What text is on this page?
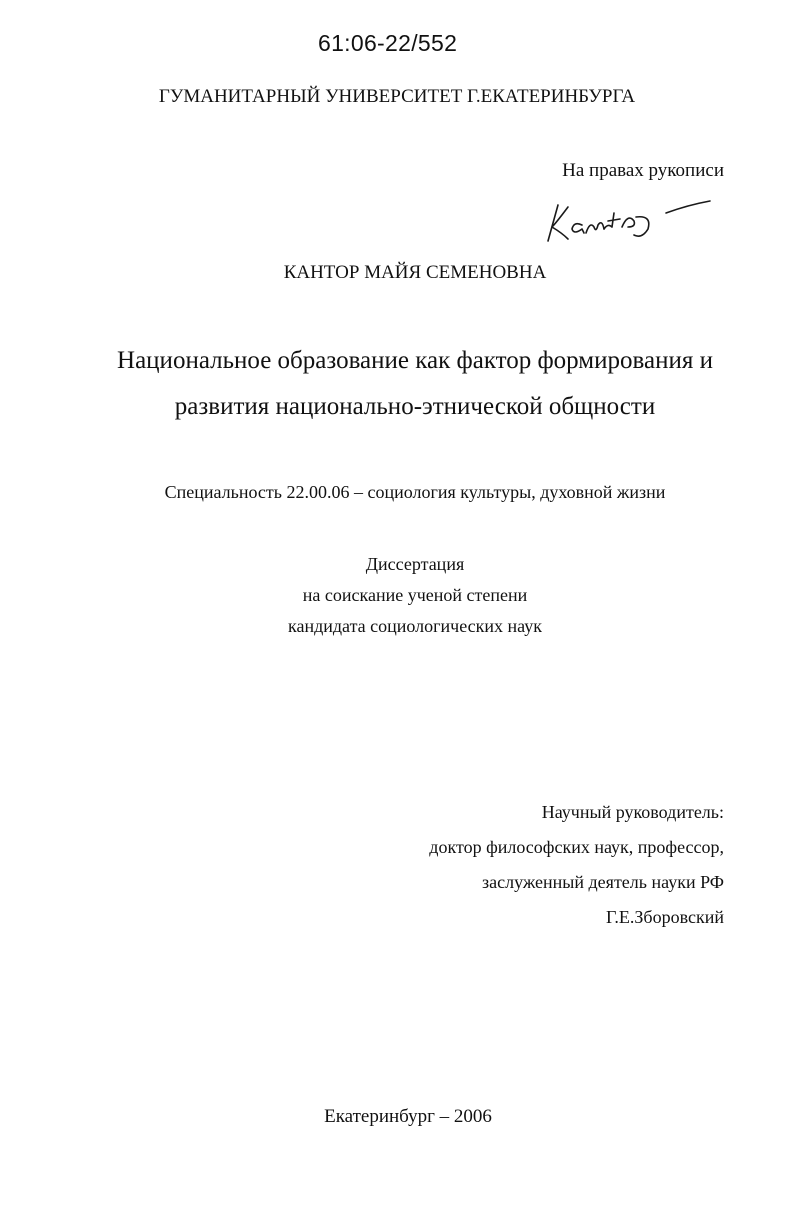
61:06-22/552
ГУМАНИТАРНЫЙ УНИВЕРСИТЕТ Г.ЕКАТЕРИНБУРГА
На правах рукописи
КАНТОР МАЙЯ СЕМЕНОВНА
Национальное образование как фактор формирования и
развития национально-этнической общности
Специальность 22.00.06 – социология культуры, духовной жизни
Диссертация
на соискание ученой степени
кандидата социологических наук
Научный руководитель:
доктор философских наук, профессор,
заслуженный деятель науки РФ
Г.Е.Зборовский
Екатеринбург – 2006
